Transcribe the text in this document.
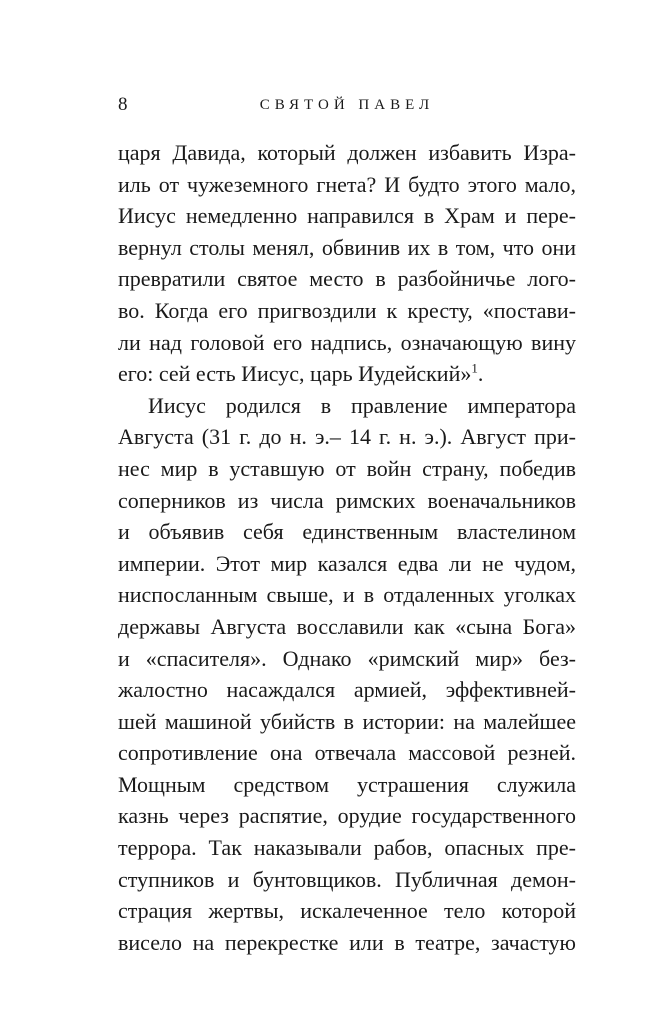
8	СВЯТОЙ ПАВЕЛ
царя Давида, который должен избавить Изра-
иль от чужеземного гнета? И будто этого мало,
Иисус немедленно направился в Храм и пере-
вернул столы менял, обвинив их в том, что они
превратили святое место в разбойничье лого-
во. Когда его пригвоздили к кресту, «постави-
ли над головой его надпись, означающую вину
его: сей есть Иисус, царь Иудейский»$^1$.
Иисус родился в правление императора
Августа (31 г. до н. э.– 14 г. н. э.). Август при-
нес мир в уставшую от войн страну, победив
соперников из числа римских военачальников
и объявив себя единственным властелином
империи. Этот мир казался едва ли не чудом,
ниспосланным свыше, и в отдаленных уголках
державы Августа восславили как «сына Бога»
и «спасителя». Однако «римский мир» без-
жалостно насаждался армией, эффективней-
шей машиной убийств в истории: на малейшее
сопротивление она отвечала массовой резней.
Мощным средством устрашения служила
казнь через распятие, орудие государственного
террора. Так наказывали рабов, опасных пре-
ступников и бунтовщиков. Публичная демон-
страция жертвы, искалеченное тело которой
висело на перекрестке или в театре, зачастую
